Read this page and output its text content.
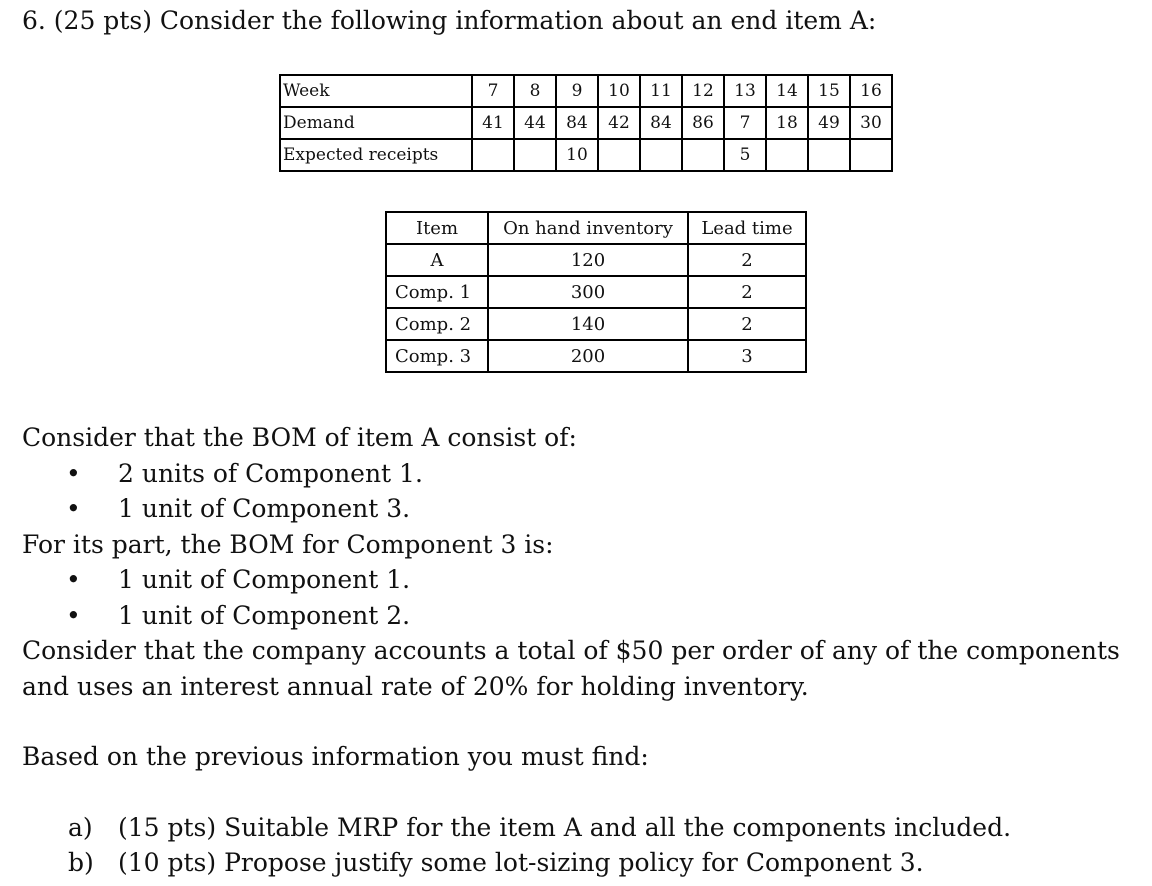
6. (25 pts) Consider the following information about an end item A:
Week	7	8	9	10	11	12	13	14	15	16
Demand	41	44	84	42	84	86	7	18	49	30
Expected receipts			10				5			
Item	On hand inventory	Lead time
A	120	2
Comp. 1	300	2
Comp. 2	140	2
Comp. 3	200	3

Consider that the BOM of item A consist of:

• 2 units of Component 1.

• 1 unit of Component 3.

For its part, the BOM for Component 3 is:

• 1 unit of Component 1.

• 1 unit of Component 2.

Consider that the company accounts a total of $50 per order of any of the components and uses an interest annual rate of 20% for holding inventory.

Based on the previous information you must find:

a) (15 pts) Suitable MRP for the item A and all the components included.

b) (10 pts) Propose justify some lot-sizing policy for Component 3.
